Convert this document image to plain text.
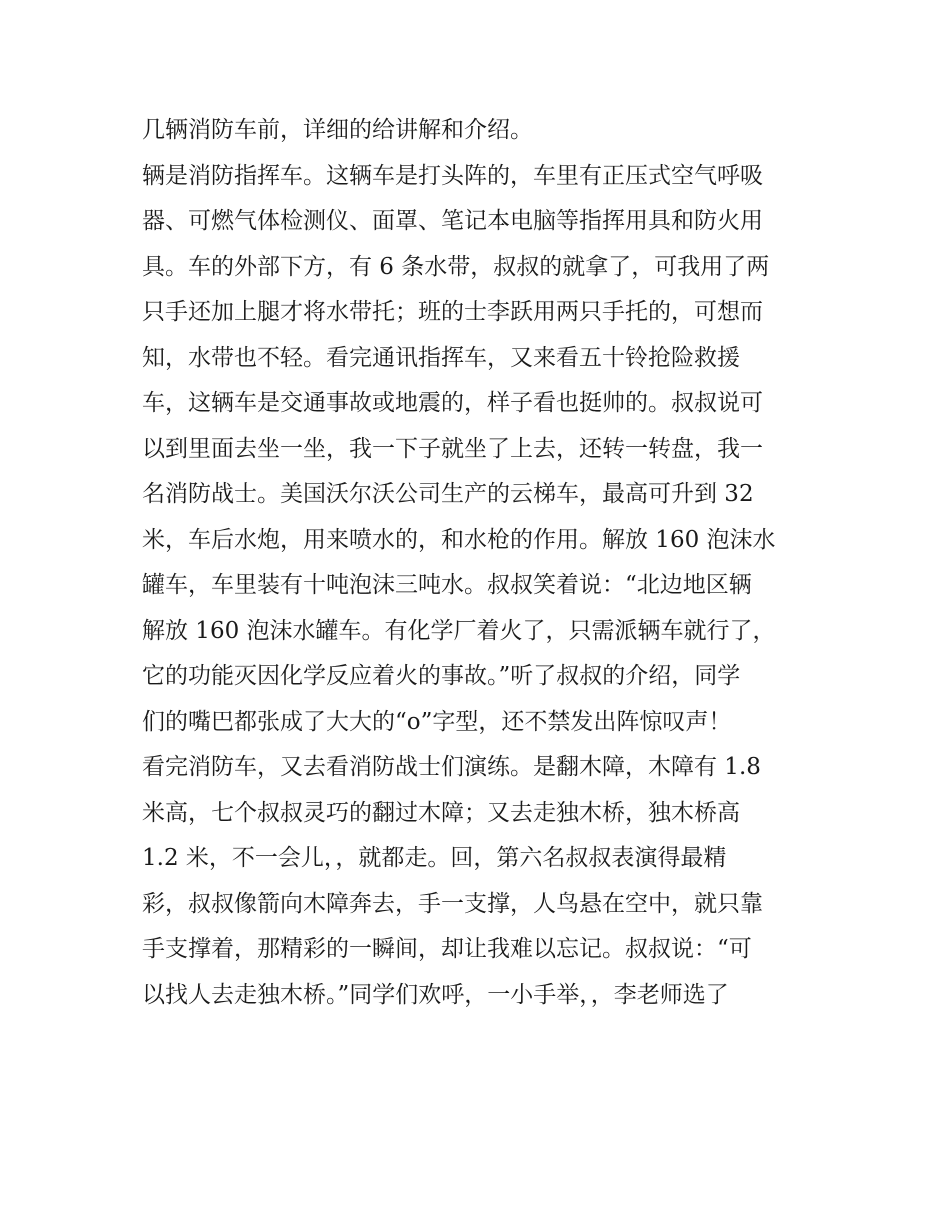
几辆消防车前，详细的给讲解和介绍。
辆是消防指挥车。这辆车是打头阵的，车里有正压式空气呼吸
器、可燃气体检测仪、面罩、笔记本电脑等指挥用具和防火用
具。车的外部下方，有 6 条水带，叔叔的就拿了，可我用了两
只手还加上腿才将水带托；班的士李跃用两只手托的，可想而
知，水带也不轻。看完通讯指挥车，又来看五十铃抢险救援
车，这辆车是交通事故或地震的，样子看也挺帅的。叔叔说可
以到里面去坐一坐，我一下子就坐了上去，还转一转盘，我一
名消防战士。美国沃尔沃公司生产的云梯车，最高可升到 32
米，车后水炮，用来喷水的，和水枪的作用。解放 160 泡沫水
罐车，车里装有十吨泡沫三吨水。叔叔笑着说：“北边地区辆
解放 160 泡沫水罐车。有化学厂着火了，只需派辆车就行了，
它的功能灭因化学反应着火的事故。”听了叔叔的介绍，同学
们的嘴巴都张成了大大的“o”字型，还不禁发出阵惊叹声！
看完消防车，又去看消防战士们演练。是翻木障，木障有 1.8
米高，七个叔叔灵巧的翻过木障；又去走独木桥，独木桥高
1.2 米，不一会儿，，就都走。回，第六名叔叔表演得最精
彩，叔叔像箭向木障奔去，手一支撑，人鸟悬在空中，就只靠
手支撑着，那精彩的一瞬间，却让我难以忘记。叔叔说：“可
以找人去走独木桥。”同学们欢呼，一小手举，，李老师选了
